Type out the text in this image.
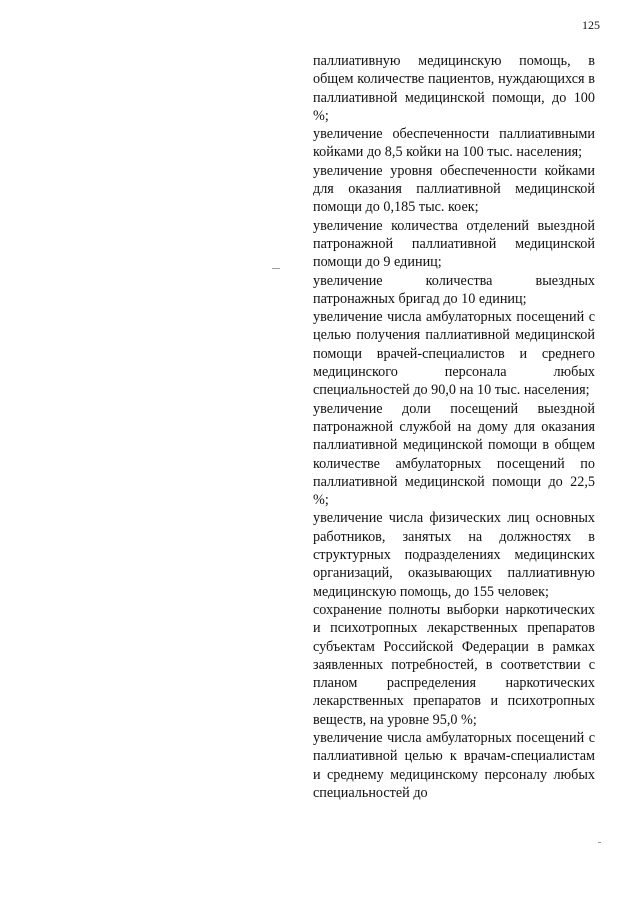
125

паллиативную медицинскую помощь, в общем количестве пациентов, нуждающихся в паллиативной медицинской помощи, до 100 %;

увеличение обеспеченности паллиативными койками до 8,5 койки на 100 тыс. населения;

увеличение уровня обеспеченности койками для оказания паллиативной медицинской помощи до 0,185 тыс. коек;

увеличение количества отделений выездной патронажной паллиативной медицинской помощи до 9 единиц;

увеличение количества выездных патронажных бригад до 10 единиц;

увеличение числа амбулаторных посещений с целью получения паллиативной медицинской помощи врачей-специалистов и среднего медицинского персонала любых специальностей до 90,0 на 10 тыс. населения;

увеличение доли посещений выездной патронажной службой на дому для оказания паллиативной медицинской помощи в общем количестве амбулаторных посещений по паллиативной медицинской помощи до 22,5 %;

увеличение числа физических лиц основных работников, занятых на должностях в структурных подразделениях медицинских организаций, оказывающих паллиативную медицинскую помощь, до 155 человек;

сохранение полноты выборки наркотических и психотропных лекарственных препаратов субъектам Российской Федерации в рамках заявленных потребностей, в соответствии с планом распределения наркотических лекарственных препаратов и психотропных веществ, на уровне 95,0 %;

увеличение числа амбулаторных посещений с паллиативной целью к врачам-специалистам и среднему медицинскому персоналу любых специальностей до
